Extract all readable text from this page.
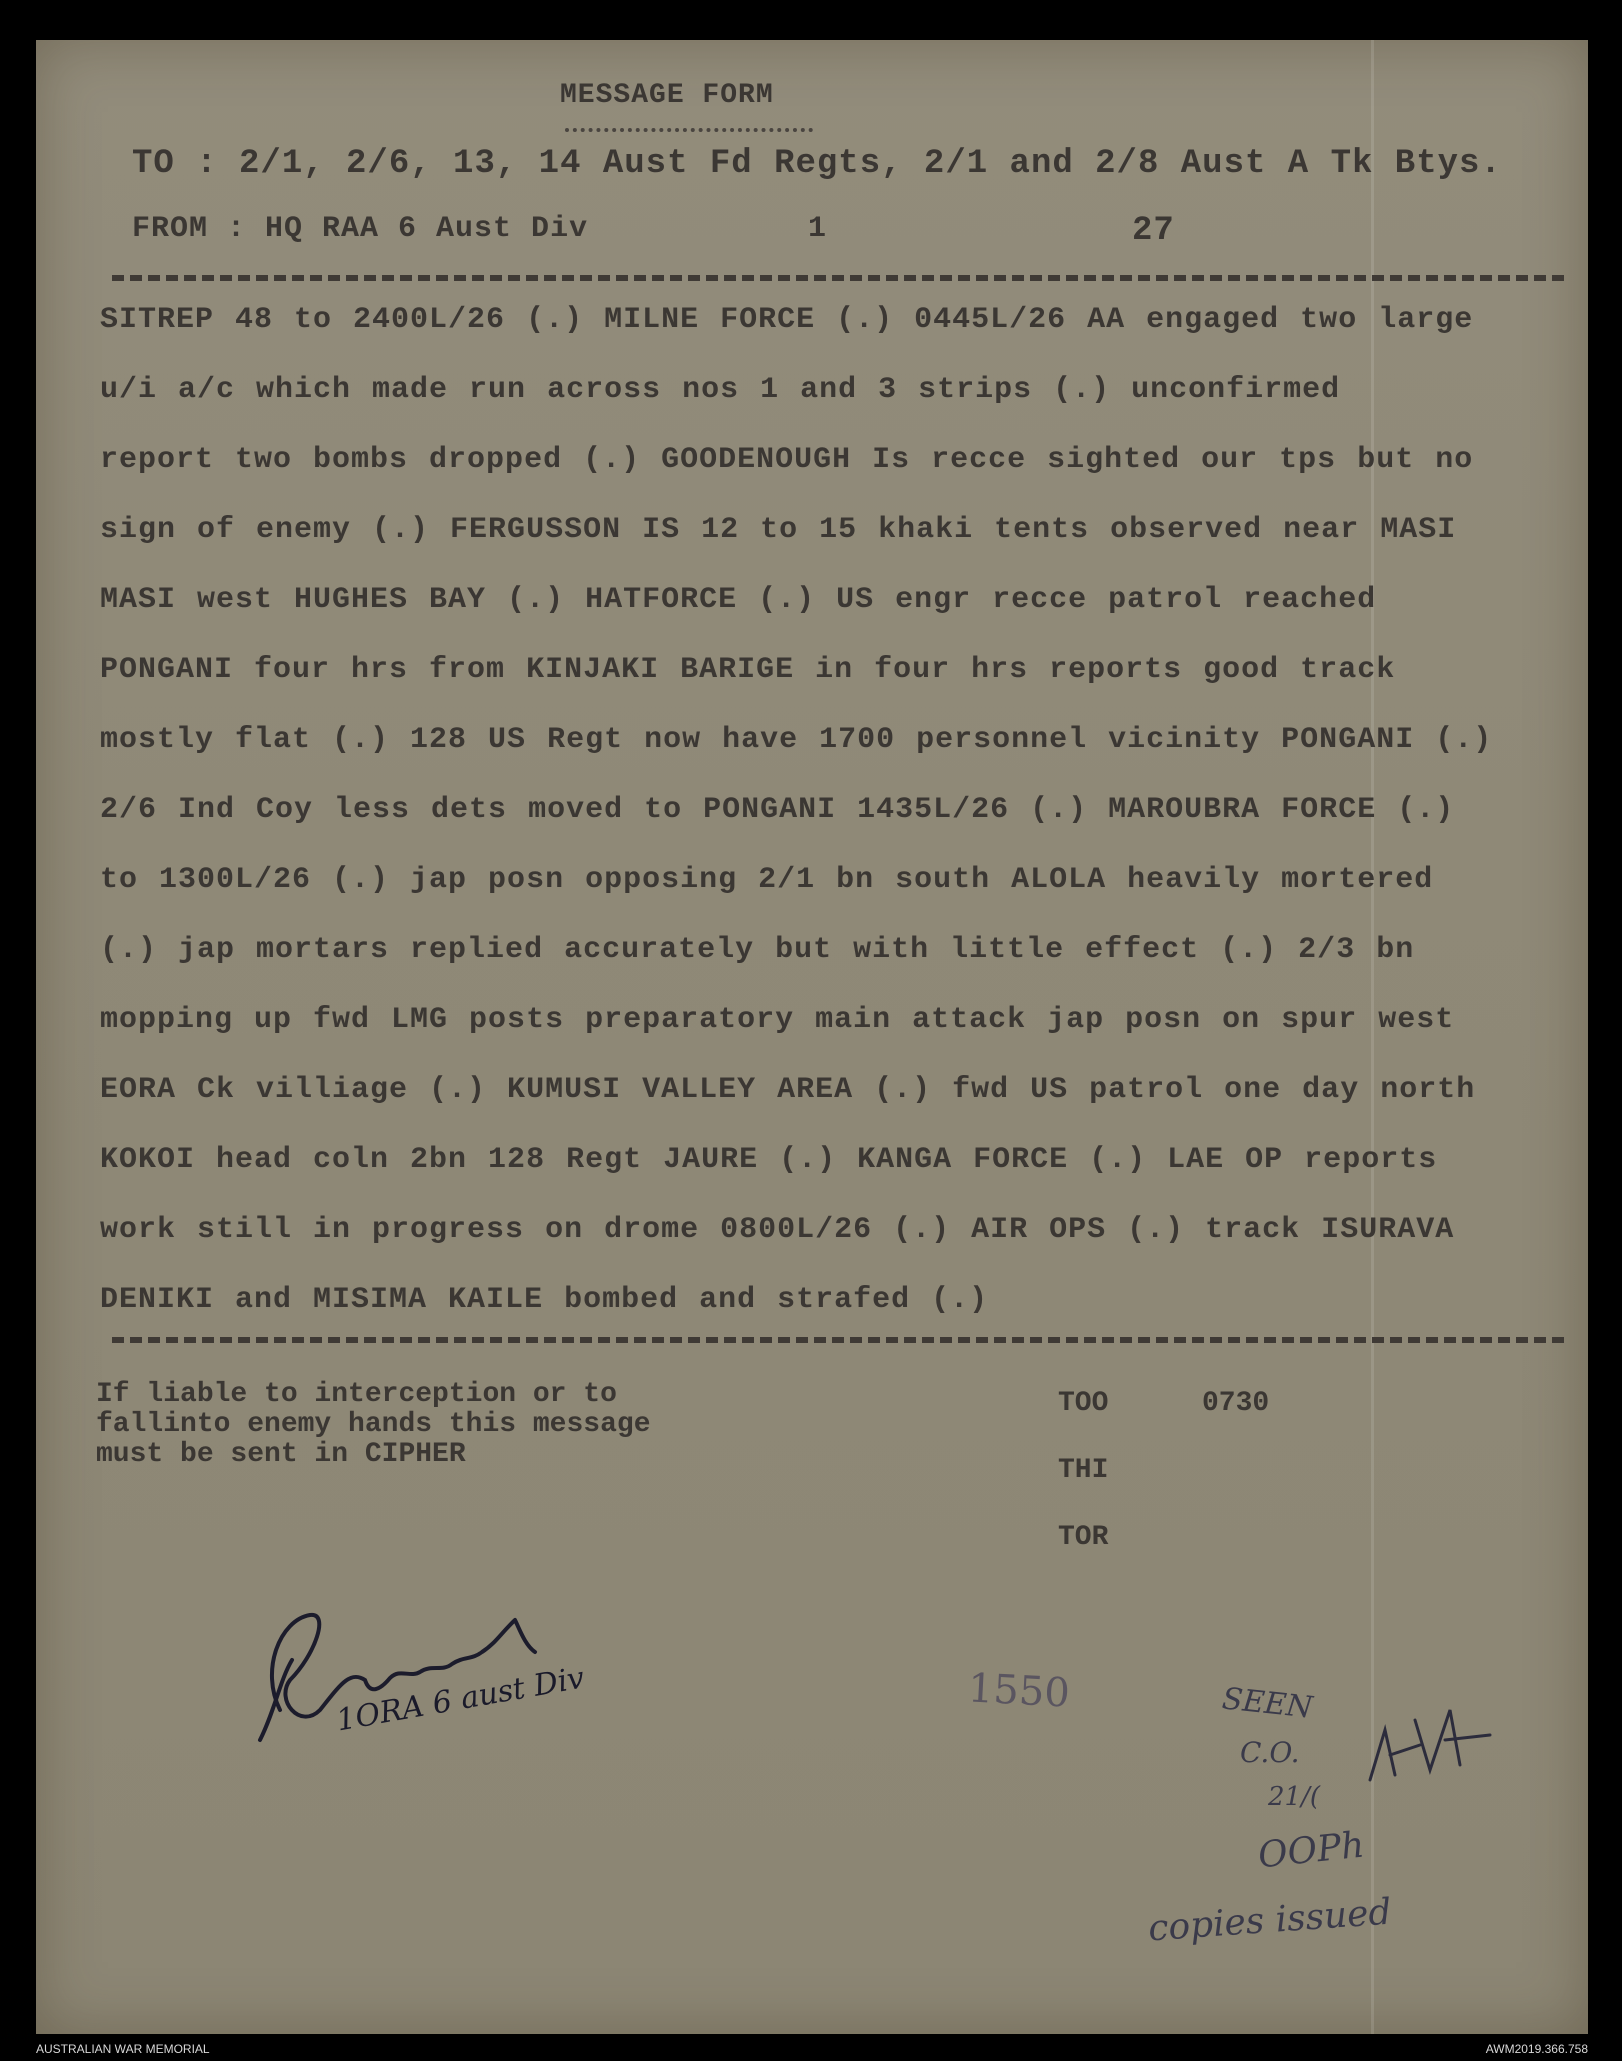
MESSAGE FORM
TO : 2/1, 2/6, 13, 14 Aust Fd Regts, 2/1 and 2/8 Aust A Tk Btys.
FROM : HQ RAA 6 Aust Div	1	27
SITREP 48 to 2400L/26 (.) MILNE FORCE (.) 0445L/26 AA engaged two large
u/i a/c which made run across nos 1 and 3 strips (.) unconfirmed
report two bombs dropped (.) GOODENOUGH Is recce sighted our tps but no
sign of enemy (.) FERGUSSON IS 12 to 15 khaki tents observed near MASI
MASI west HUGHES BAY (.) HATFORCE (.) US engr recce patrol reached
PONGANI four hrs from KINJAKI BARIGE in four hrs reports good track
mostly flat (.) 128 US Regt now have 1700 personnel vicinity PONGANI (.)
2/6 Ind Coy less dets moved to PONGANI 1435L/26 (.) MAROUBRA FORCE (.)
to 1300L/26 (.) jap posn opposing 2/1 bn south ALOLA heavily mortered
(.) jap mortars replied accurately but with little effect (.) 2/3 bn
mopping up fwd LMG posts preparatory main attack jap posn on spur west
EORA Ck villiage (.) KUMUSI VALLEY AREA (.) fwd US patrol one day north
KOKOI head coln 2bn 128 Regt JAURE (.) KANGA FORCE (.) LAE OP reports
work still in progress on drome 0800L/26 (.) AIR OPS (.) track ISURAVA
DENIKI and MISIMA KAILE bombed and strafed (.)
If liable to interception or to
fallinto enemy hands this message
must be sent in CIPHER
TOO	0730
THI
TOR
1ORA 6 aust Div	1550	SEEN
C.O.
21/(
OOPh
copies issued
AUSTRALIAN WAR MEMORIAL	AWM2019.366.758
